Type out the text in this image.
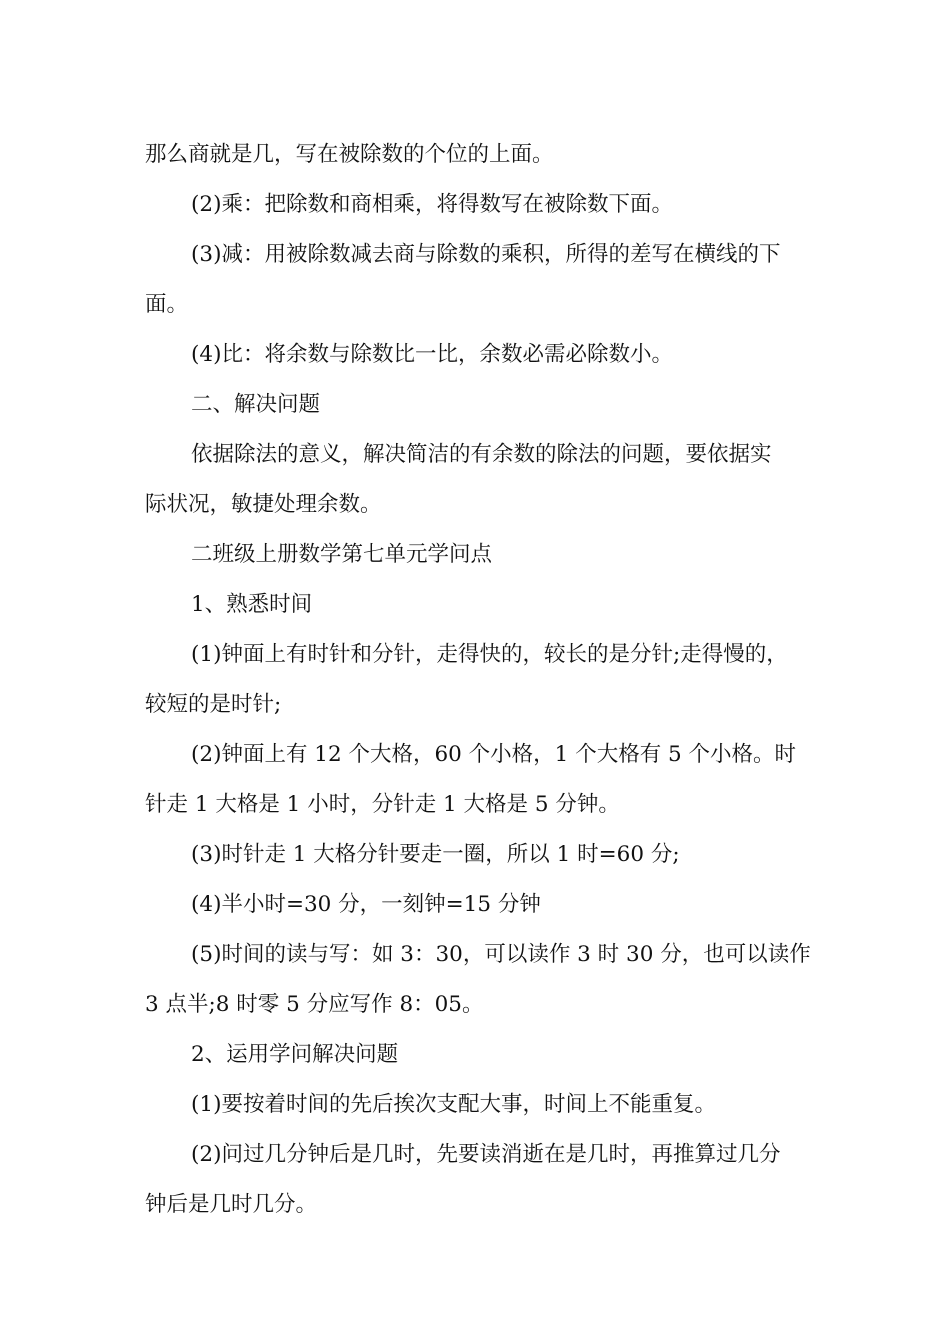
那么商就是几，写在被除数的个位的上面。

(2)乘：把除数和商相乘，将得数写在被除数下面。

(3)减：用被除数减去商与除数的乘积，所得的差写在横线的下

面。

(4)比：将余数与除数比一比，余数必需必除数小。

二、解决问题

依据除法的意义，解决简洁的有余数的除法的问题，要依据实

际状况，敏捷处理余数。

二班级上册数学第七单元学问点

1、熟悉时间

(1)钟面上有时针和分针，走得快的，较长的是分针;走得慢的，

较短的是时针;

(2)钟面上有 12 个大格，60 个小格，1 个大格有 5 个小格。时

针走 1 大格是 1 小时，分针走 1 大格是 5 分钟。

(3)时针走 1 大格分针要走一圈，所以 1 时=60 分;

(4)半小时=30 分，一刻钟=15 分钟

(5)时间的读与写：如 3：30，可以读作 3 时 30 分，也可以读作

3 点半;8 时零 5 分应写作 8：05。

2、运用学问解决问题

(1)要按着时间的先后挨次支配大事，时间上不能重复。

(2)问过几分钟后是几时，先要读消逝在是几时，再推算过几分

钟后是几时几分。
